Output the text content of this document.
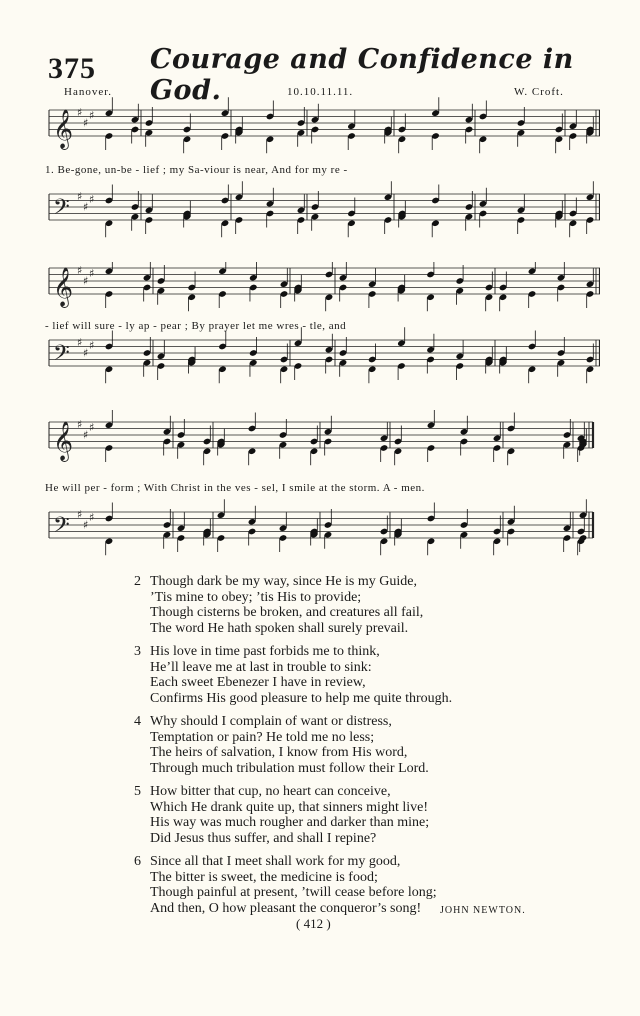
375 Courage and Confidence in God.
Hanover.	10.10.11.11.	W. Croft.
𝄞 ♯
♯
♯
𝄢 ♯
♯
♯
1. Be-gone, un-be - lief ; my Sa-viour is near, And for my re -
𝄞 ♯
♯
♯
𝄢 ♯
♯
♯
- lief will sure - ly ap - pear ; By prayer let me wres - tle, and
𝄞 ♯
♯
♯
𝄢 ♯
♯
♯
He will per - form ; With Christ in the ves - sel, I smile at the storm. A - men.
2 Though dark be my way, since He is my Guide,
’Tis mine to obey; ’tis His to provide;
Though cisterns be broken, and creatures all fail,
The word He hath spoken shall surely prevail.
3 His love in time past forbids me to think,
He’ll leave me at last in trouble to sink:
Each sweet Ebenezer I have in review,
Confirms His good pleasure to help me quite through.
4 Why should I complain of want or distress,
Temptation or pain? He told me no less;
The heirs of salvation, I know from His word,
Through much tribulation must follow their Lord.
5 How bitter that cup, no heart can conceive,
Which He drank quite up, that sinners might live!
His way was much rougher and darker than mine;
Did Jesus thus suffer, and shall I repine?
6 Since all that I meet shall work for my good,
The bitter is sweet, the medicine is food;
Though painful at present, ’twill cease before long;
And then, O how pleasant the conqueror’s song!	JOHN NEWTON.
( 412 )
